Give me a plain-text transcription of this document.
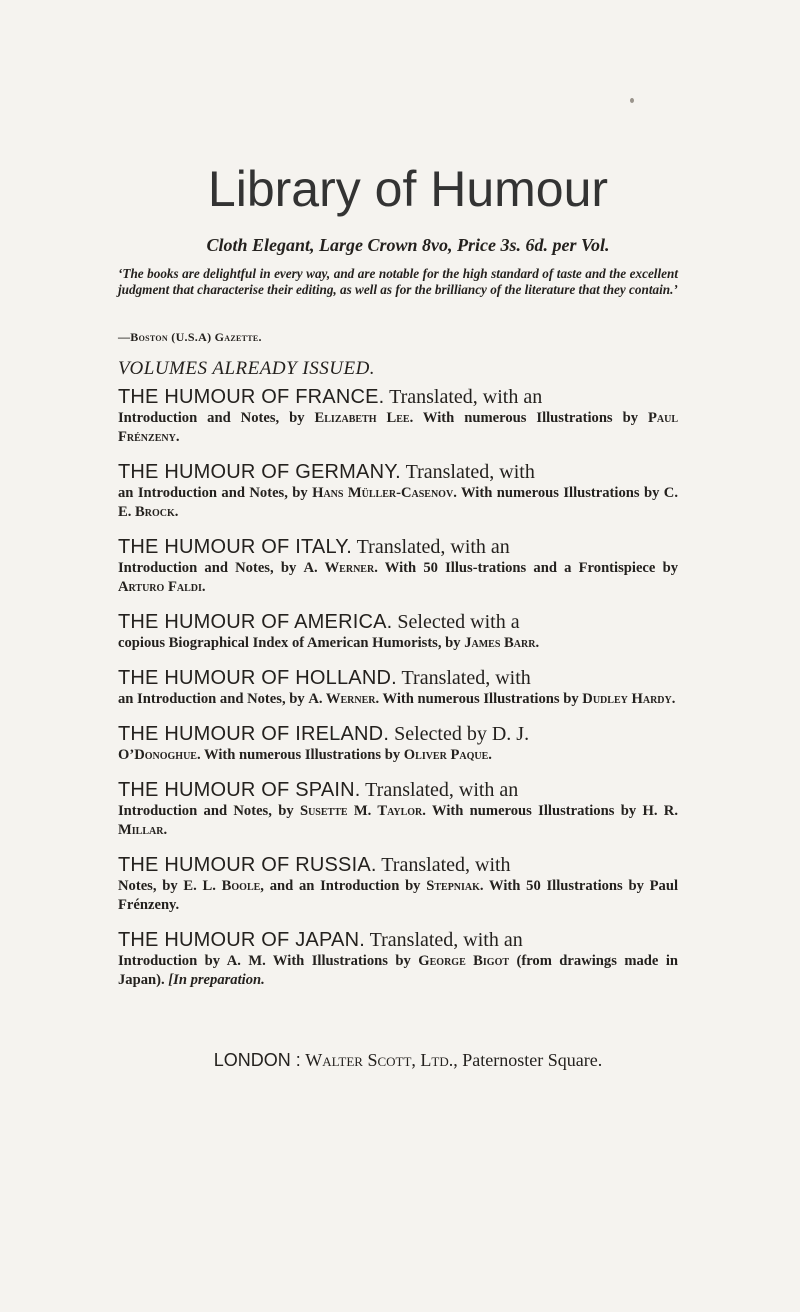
Library of Humour
Cloth Elegant, Large Crown 8vo, Price 3s. 6d. per Vol.
‘The books are delightful in every way, and are notable for the high standard of taste and the excellent judgment that characterise their editing, as well as for the brilliancy of the literature that they contain.’
—Boston (U.S.A) Gazette.
VOLUMES ALREADY ISSUED.
THE HUMOUR OF FRANCE. Translated, with an
Introduction and Notes, by Elizabeth Lee. With numerous Illustrations by Paul Frénzeny.
THE HUMOUR OF GERMANY. Translated, with
an Introduction and Notes, by Hans Müller-Casenov. With numerous Illustrations by C. E. Brock.
THE HUMOUR OF ITALY. Translated, with an
Introduction and Notes, by A. Werner. With 50 Illus-trations and a Frontispiece by Arturo Faldi.
THE HUMOUR OF AMERICA. Selected with a
copious Biographical Index of American Humorists, by James Barr.
THE HUMOUR OF HOLLAND. Translated, with
an Introduction and Notes, by A. Werner. With numerous Illustrations by Dudley Hardy.
THE HUMOUR OF IRELAND. Selected by D. J.
O’Donoghue. With numerous Illustrations by Oliver Paque.
THE HUMOUR OF SPAIN. Translated, with an
Introduction and Notes, by Susette M. Taylor. With numerous Illustrations by H. R. Millar.
THE HUMOUR OF RUSSIA. Translated, with
Notes, by E. L. Boole, and an Introduction by Stepniak. With 50 Illustrations by Paul Frénzeny.
THE HUMOUR OF JAPAN. Translated, with an
Introduction by A. M. With Illustrations by George Bigot (from drawings made in Japan). [In preparation.
LONDON : Walter Scott, Ltd., Paternoster Square.
